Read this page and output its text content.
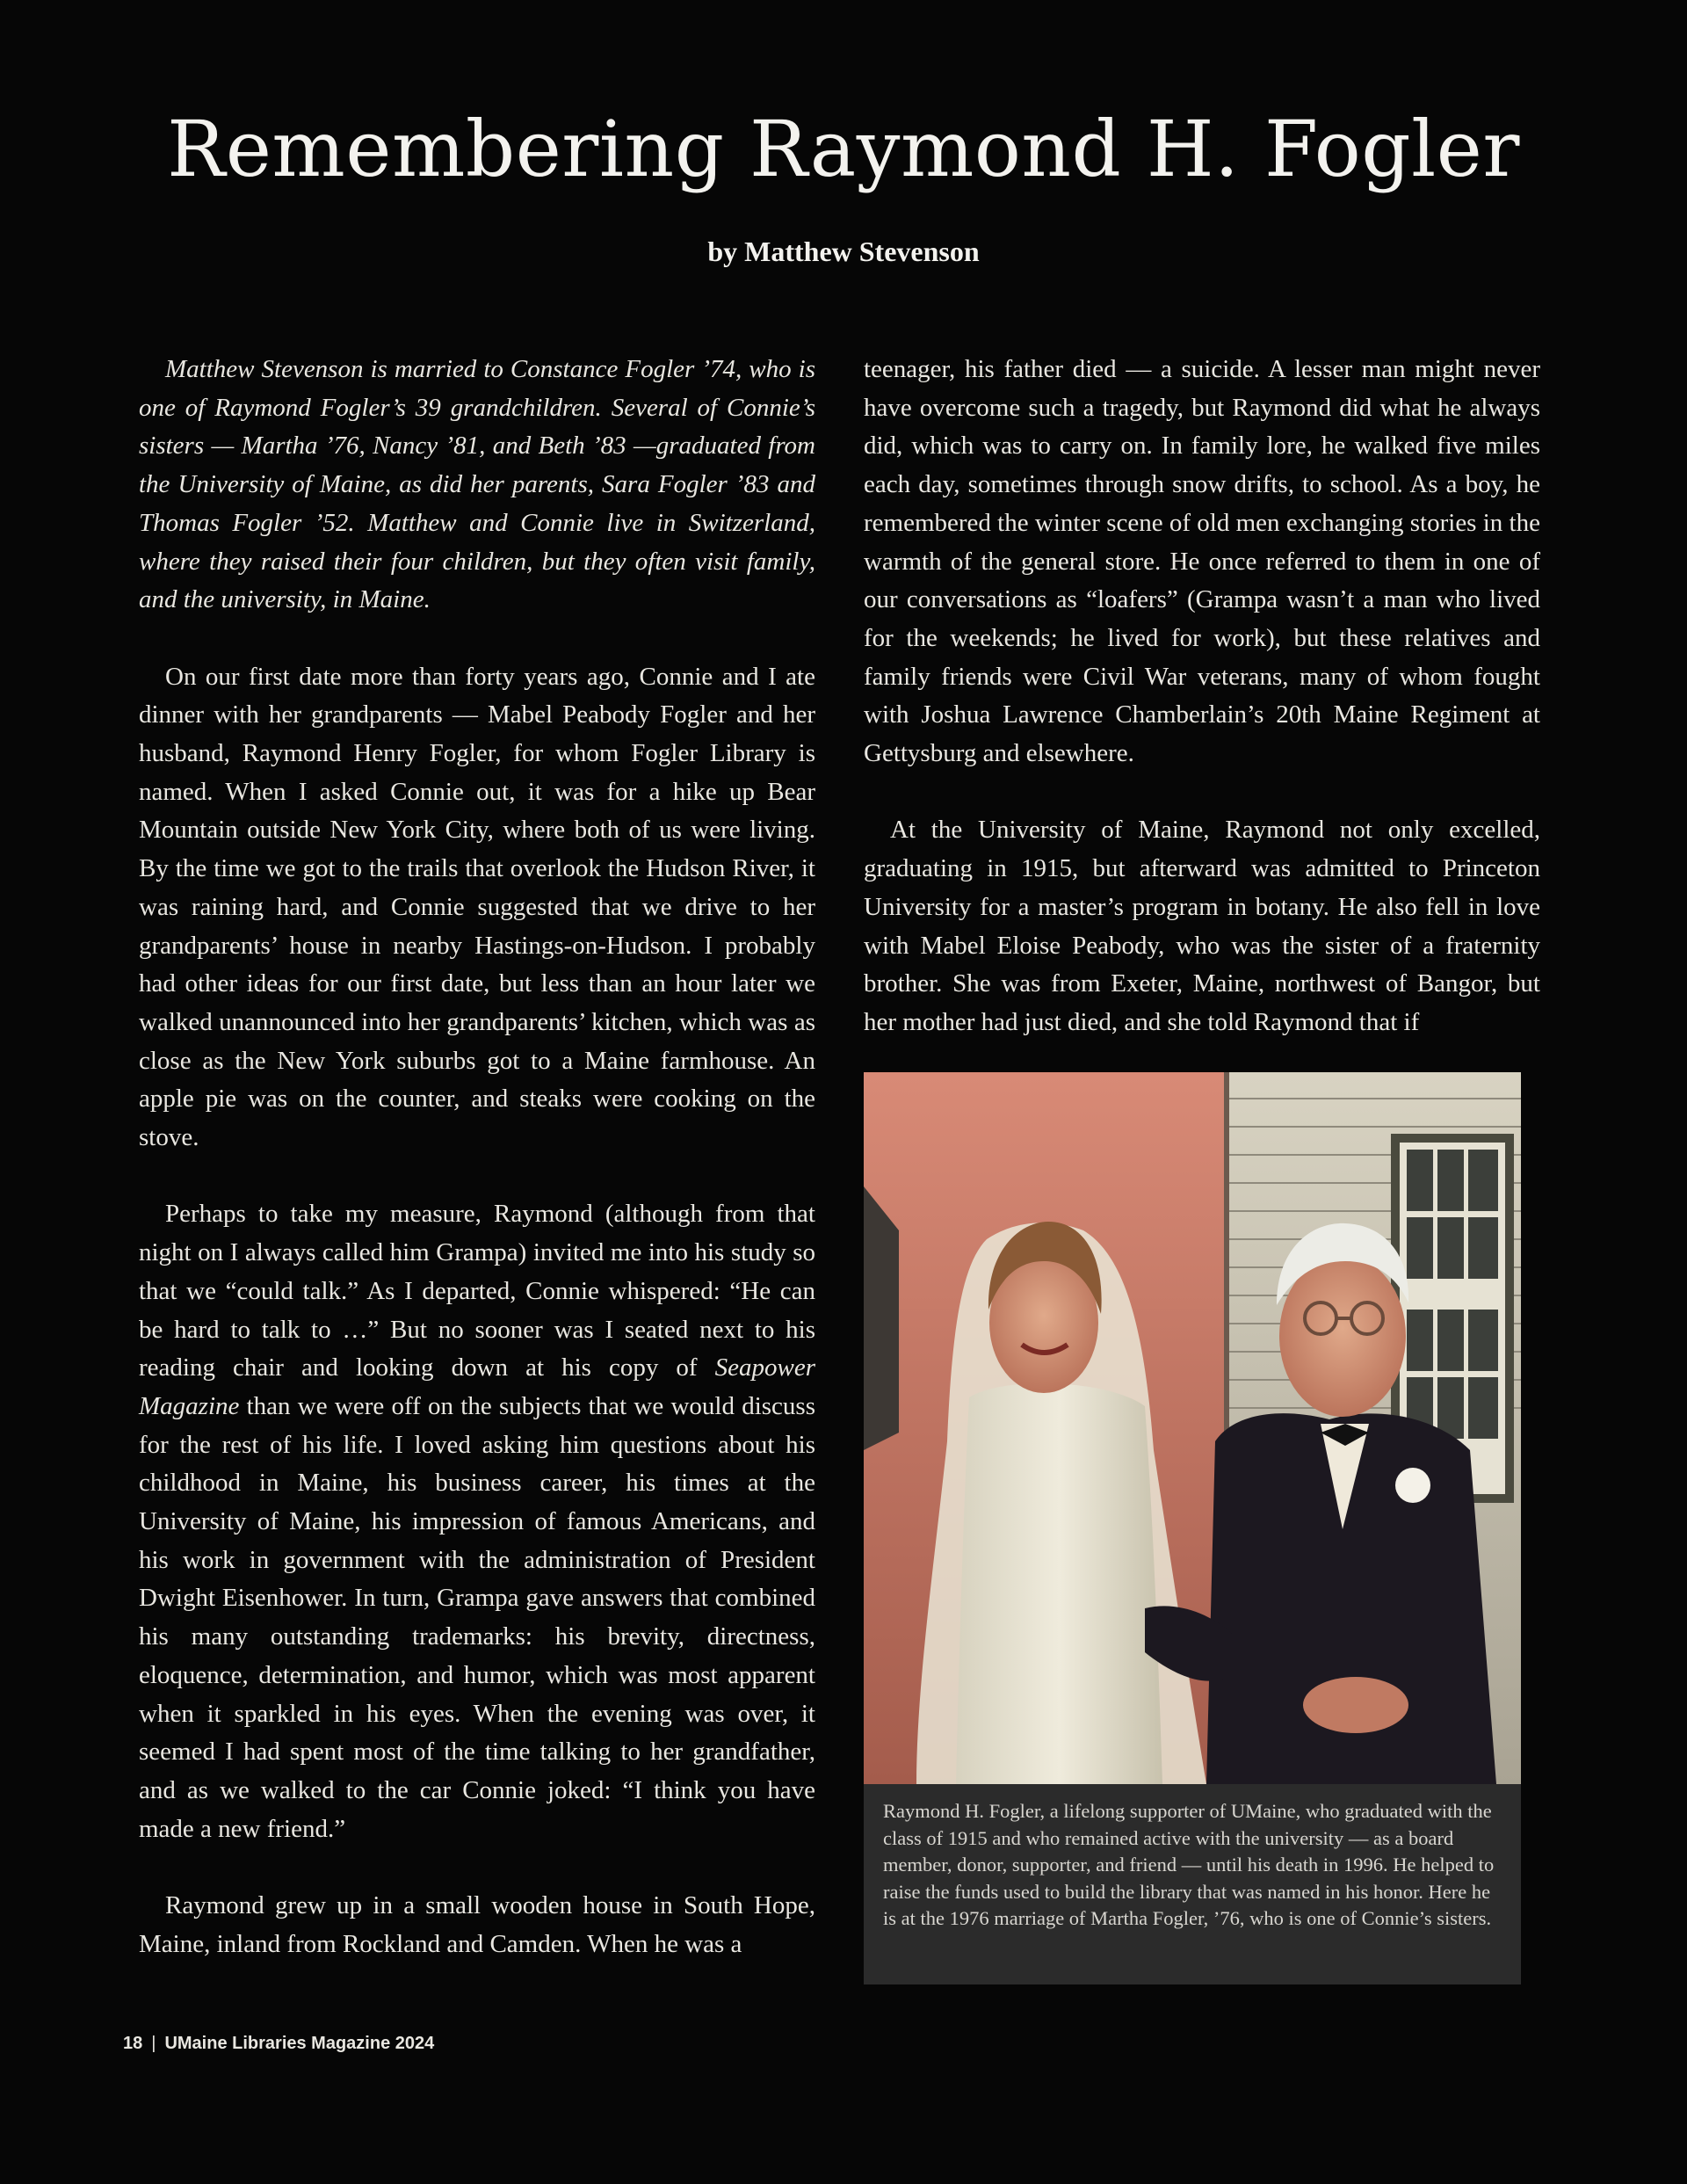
Remembering Raymond H. Fogler
by Matthew Stevenson

Matthew Stevenson is married to Constance Fogler ’74, who is one of Raymond Fogler’s 39 grandchildren. Several of Connie’s sisters — Martha ’76, Nancy ’81, and Beth ’83 —graduated from the University of Maine, as did her parents, Sara Fogler ’83 and Thomas Fogler ’52. Matthew and Connie live in Switzerland, where they raised their four children, but they often visit family, and the university, in Maine.

On our first date more than forty years ago, Connie and I ate dinner with her grandparents — Mabel Peabody Fogler and her husband, Raymond Henry Fogler, for whom Fogler Library is named. When I asked Connie out, it was for a hike up Bear Mountain outside New York City, where both of us were living. By the time we got to the trails that overlook the Hudson River, it was raining hard, and Connie suggested that we drive to her grandparents’ house in nearby Hastings-on-Hudson. I probably had other ideas for our first date, but less than an hour later we walked unannounced into her grandparents’ kitchen, which was as close as the New York suburbs got to a Maine farmhouse. An apple pie was on the counter, and steaks were cooking on the stove.

Perhaps to take my measure, Raymond (although from that night on I always called him Grampa) invited me into his study so that we “could talk.” As I departed, Connie whispered: “He can be hard to talk to …” But no sooner was I seated next to his reading chair and looking down at his copy of Seapower Magazine than we were off on the subjects that we would discuss for the rest of his life. I loved asking him questions about his childhood in Maine, his business career, his times at the University of Maine, his impression of famous Americans, and his work in government with the administration of President Dwight Eisenhower. In turn, Grampa gave answers that combined his many outstanding trademarks: his brevity, directness, eloquence, determination, and humor, which was most apparent when it sparkled in his eyes. When the evening was over, it seemed I had spent most of the time talking to her grandfather, and as we walked to the car Connie joked: “I think you have made a new friend.”

Raymond grew up in a small wooden house in South Hope, Maine, inland from Rockland and Camden. When he was a

teenager, his father died — a suicide. A lesser man might never have overcome such a tragedy, but Raymond did what he always did, which was to carry on. In family lore, he walked five miles each day, sometimes through snow drifts, to school. As a boy, he remembered the winter scene of old men exchanging stories in the warmth of the general store. He once referred to them in one of our conversations as “loafers” (Grampa wasn’t a man who lived for the weekends; he lived for work), but these relatives and family friends were Civil War veterans, many of whom fought with Joshua Lawrence Chamberlain’s 20th Maine Regiment at Gettysburg and elsewhere.

At the University of Maine, Raymond not only excelled, graduating in 1915, but afterward was admitted to Princeton University for a master’s program in botany. He also fell in love with Mabel Eloise Peabody, who was the sister of a fraternity brother. She was from Exeter, Maine, northwest of Bangor, but her mother had just died, and she told Raymond that if

Raymond H. Fogler, a lifelong supporter of UMaine, who graduated with the class of 1915 and who remained active with the university — as a board member, donor, supporter, and friend — until his death in 1996. He helped to raise the funds used to build the library that was named in his honor. Here he is at the 1976 marriage of Martha Fogler, ’76, who is one of Connie’s sisters.
18 | UMaine Libraries Magazine 2024
